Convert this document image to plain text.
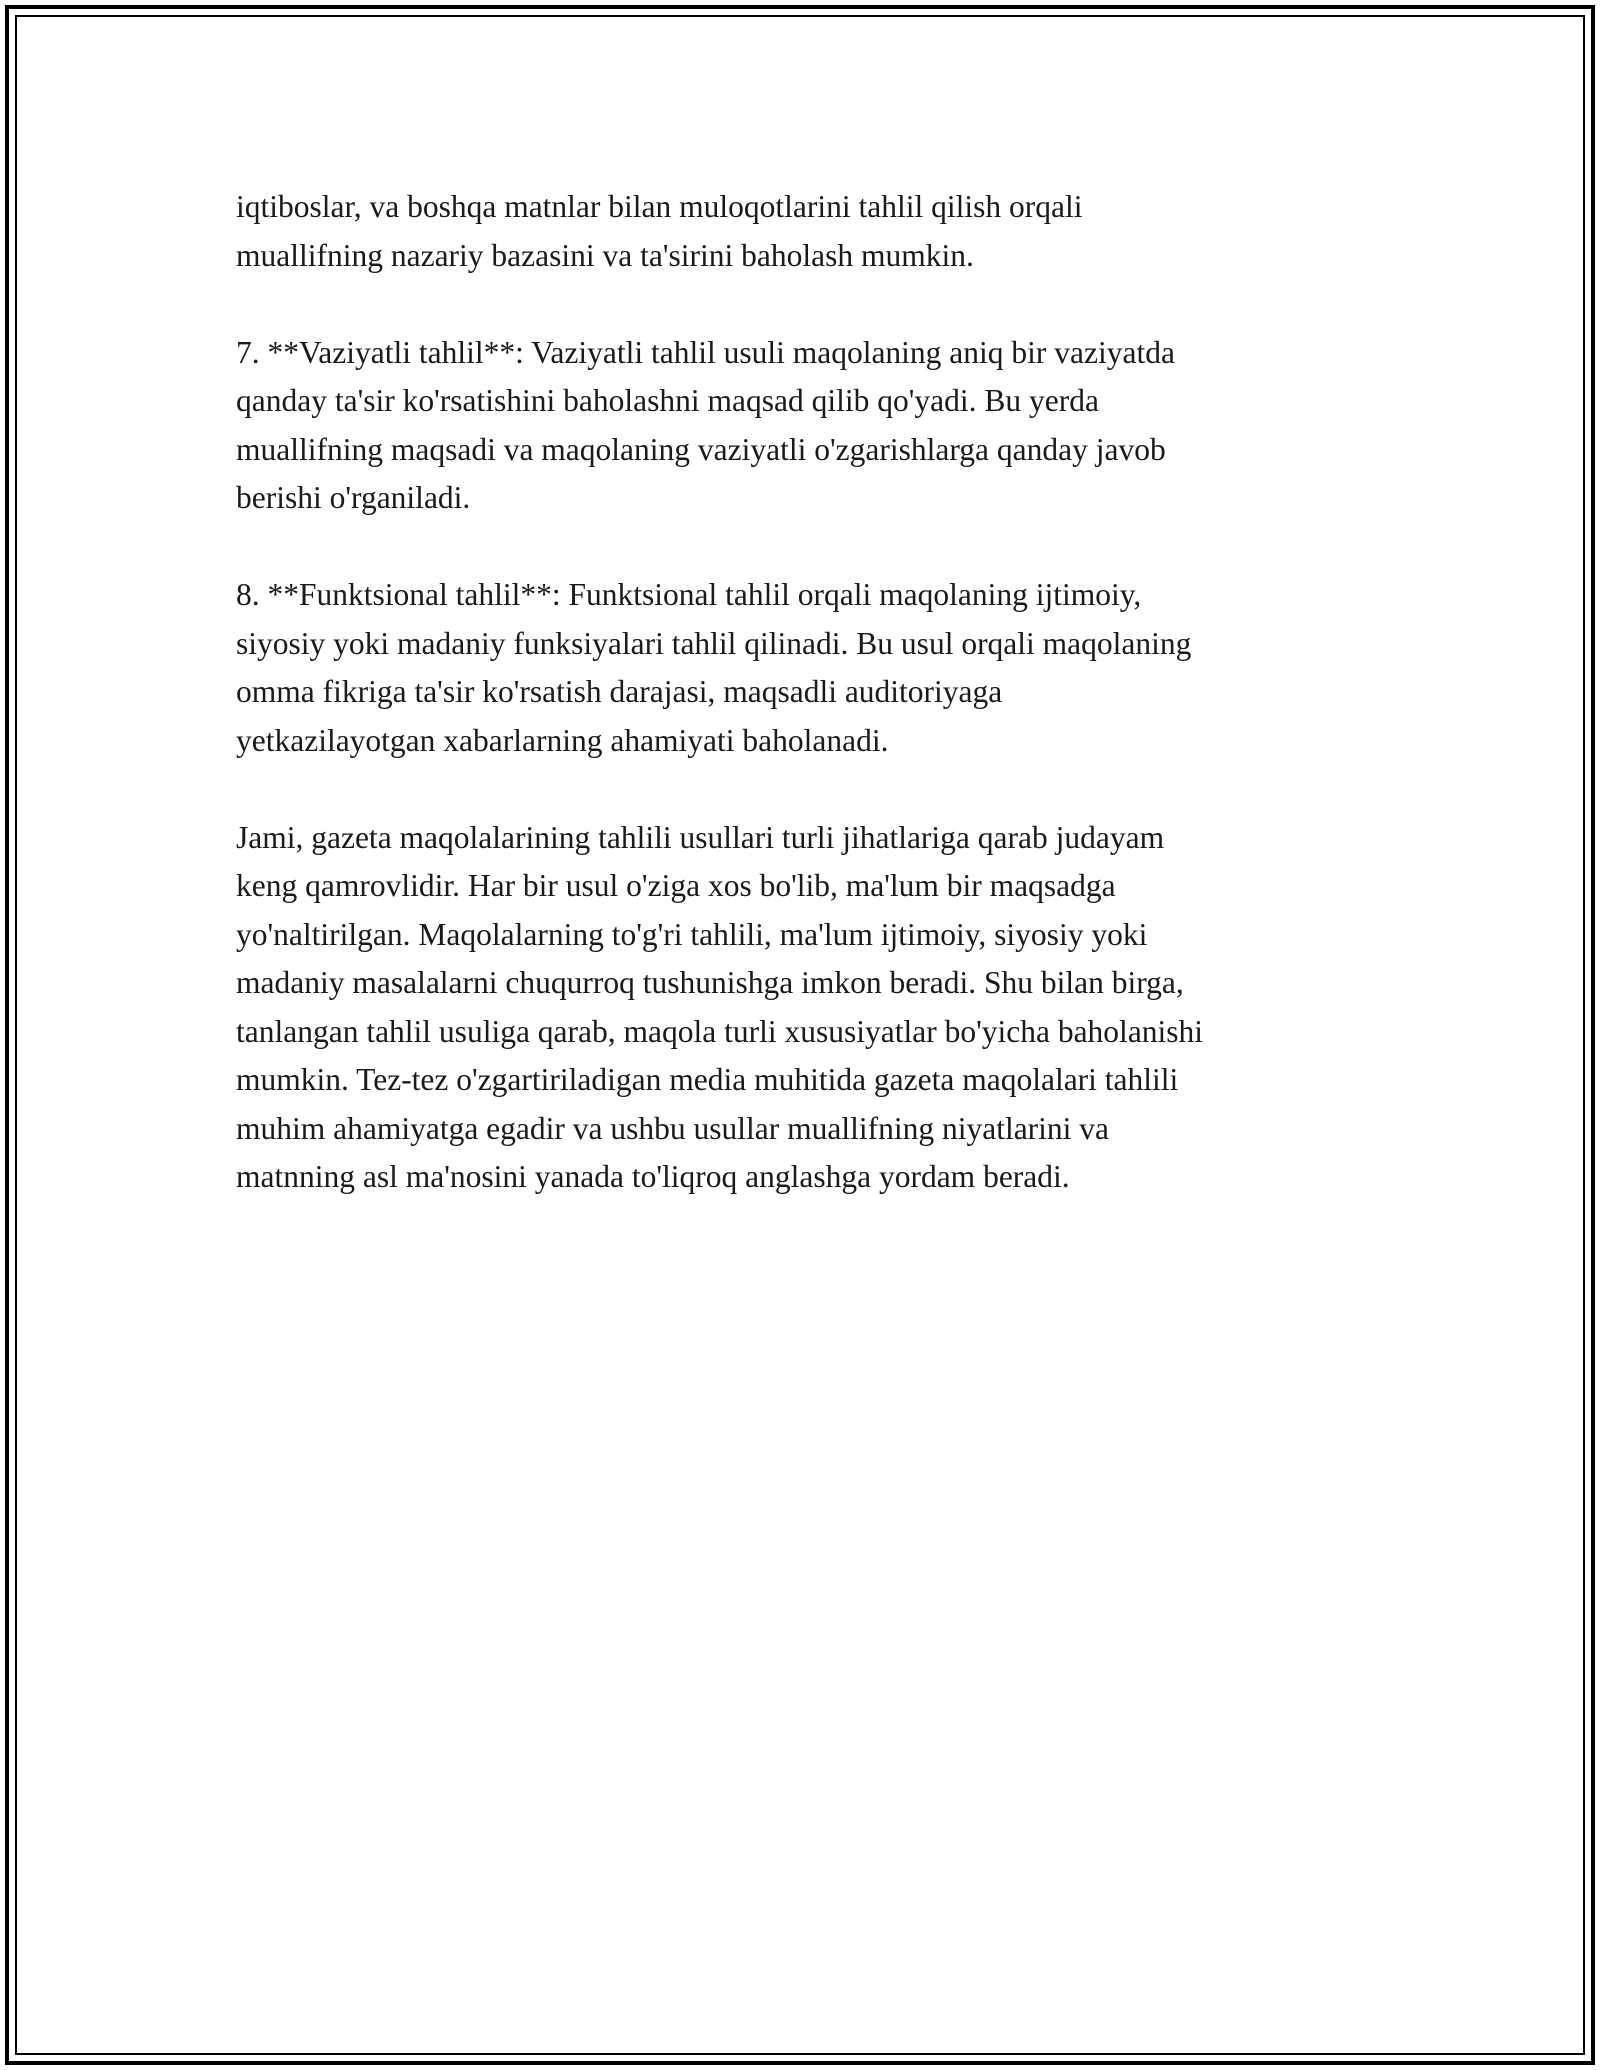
iqtiboslar, va boshqa matnlar bilan muloqotlarini tahlil qilish orqali
muallifning nazariy bazasini va ta'sirini baholash mumkin.

7. **Vaziyatli tahlil**: Vaziyatli tahlil usuli maqolaning aniq bir vaziyatda
qanday ta'sir ko'rsatishini baholashni maqsad qilib qo'yadi. Bu yerda
muallifning maqsadi va maqolaning vaziyatli o'zgarishlarga qanday javob
berishi o'rganiladi.

8. **Funktsional tahlil**: Funktsional tahlil orqali maqolaning ijtimoiy,
siyosiy yoki madaniy funksiyalari tahlil qilinadi. Bu usul orqali maqolaning
omma fikriga ta'sir ko'rsatish darajasi, maqsadli auditoriyaga
yetkazilayotgan xabarlarning ahamiyati baholanadi.

Jami, gazeta maqolalarining tahlili usullari turli jihatlariga qarab judayam
keng qamrovlidir. Har bir usul o'ziga xos bo'lib, ma'lum bir maqsadga
yo'naltirilgan. Maqolalarning to'g'ri tahlili, ma'lum ijtimoiy, siyosiy yoki
madaniy masalalarni chuqurroq tushunishga imkon beradi. Shu bilan birga,
tanlangan tahlil usuliga qarab, maqola turli xususiyatlar bo'yicha baholanishi
mumkin. Tez-tez o'zgartiriladigan media muhitida gazeta maqolalari tahlili
muhim ahamiyatga egadir va ushbu usullar muallifning niyatlarini va
matnning asl ma'nosini yanada to'liqroq anglashga yordam beradi.
